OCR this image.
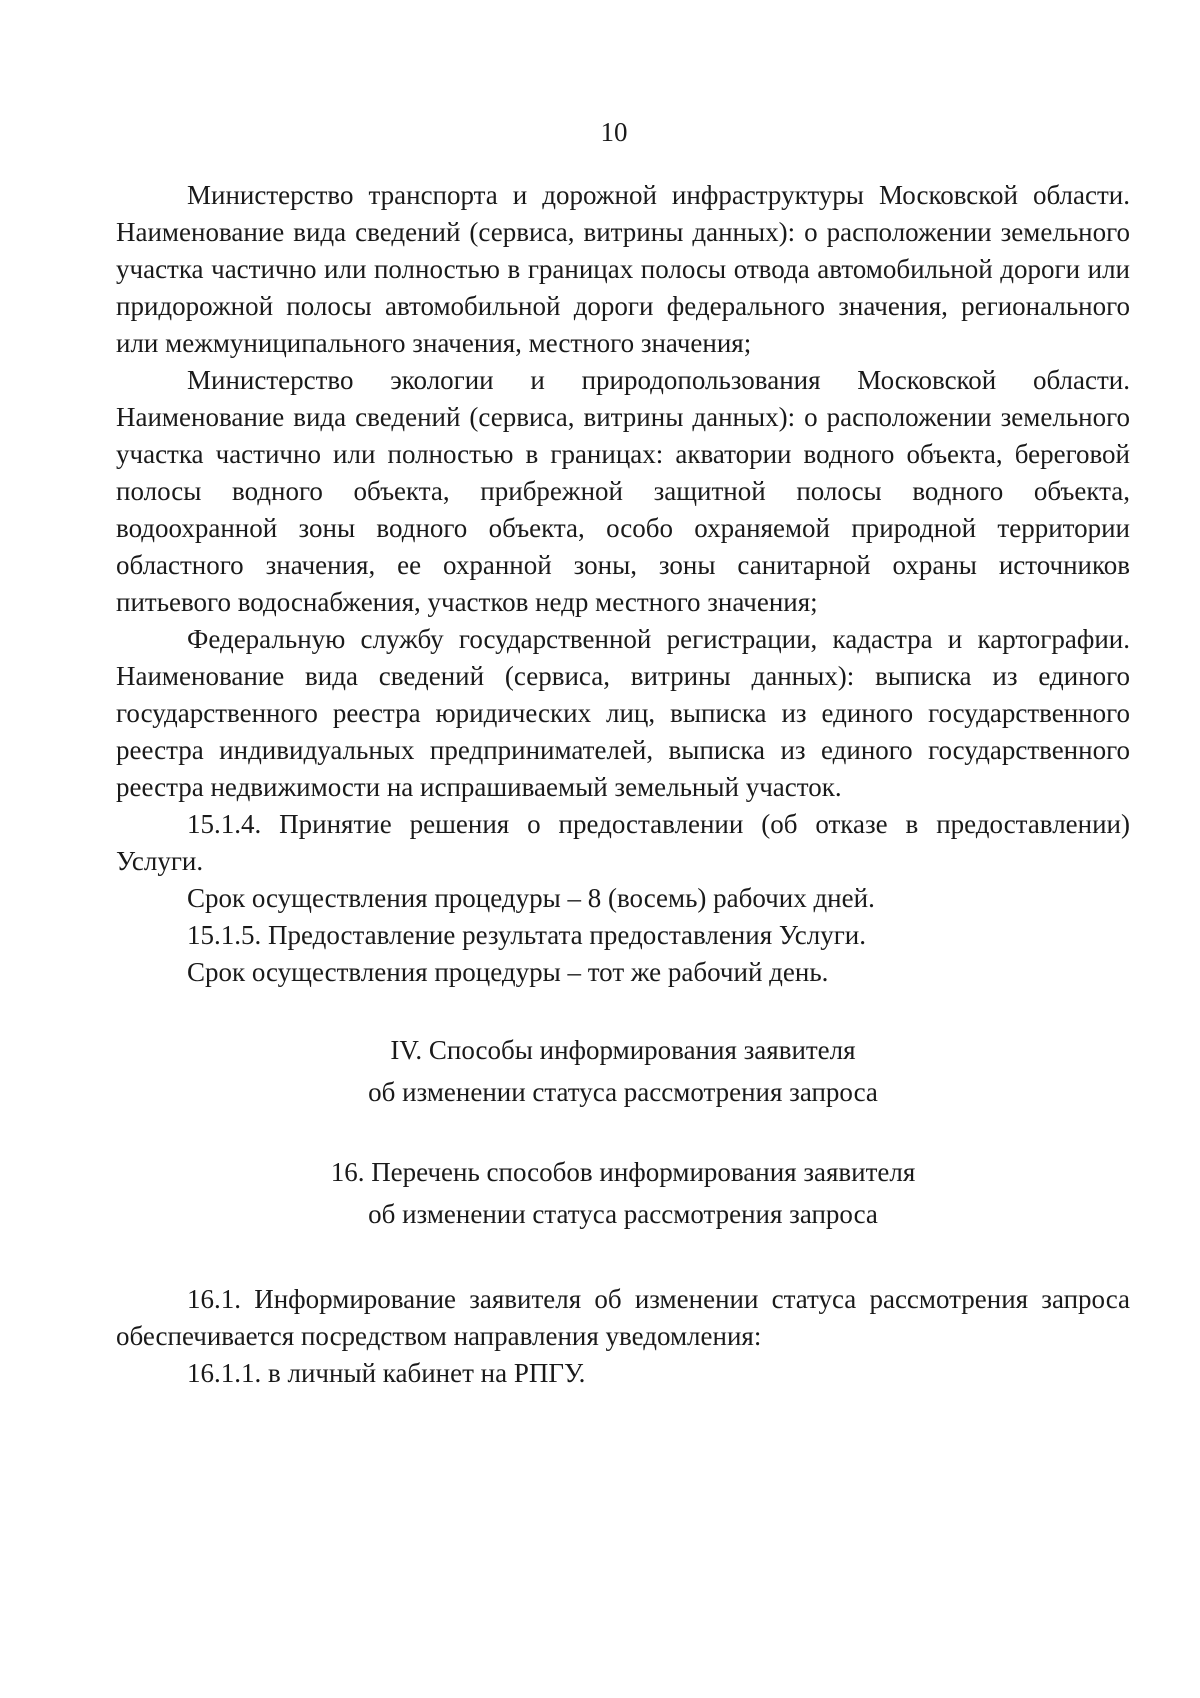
10

Министерство транспорта и дорожной инфраструктуры Московской области. Наименование вида сведений (сервиса, витрины данных): о расположении земельного участка частично или полностью в границах полосы отвода автомобильной дороги или придорожной полосы автомобильной дороги федерального значения, регионального или межмуниципального значения, местного значения;

Министерство экологии и природопользования Московской области. Наименование вида сведений (сервиса, витрины данных): о расположении земельного участка частично или полностью в границах: акватории водного объекта, береговой полосы водного объекта, прибрежной защитной полосы водного объекта, водоохранной зоны водного объекта, особо охраняемой природной территории областного значения, ее охранной зоны, зоны санитарной охраны источников питьевого водоснабжения, участков недр местного значения;

Федеральную службу государственной регистрации, кадастра и картографии. Наименование вида сведений (сервиса, витрины данных): выписка из единого государственного реестра юридических лиц, выписка из единого государственного реестра индивидуальных предпринимателей, выписка из единого государственного реестра недвижимости на испрашиваемый земельный участок.

15.1.4. Принятие решения о предоставлении (об отказе в предоставлении) Услуги.

Срок осуществления процедуры – 8 (восемь) рабочих дней.

15.1.5. Предоставление результата предоставления Услуги.

Срок осуществления процедуры – тот же рабочий день.

IV. Способы информирования заявителя
об изменении статуса рассмотрения запроса
16. Перечень способов информирования заявителя
об изменении статуса рассмотрения запроса

16.1. Информирование заявителя об изменении статуса рассмотрения запроса обеспечивается посредством направления уведомления:

16.1.1. в личный кабинет на РПГУ.
